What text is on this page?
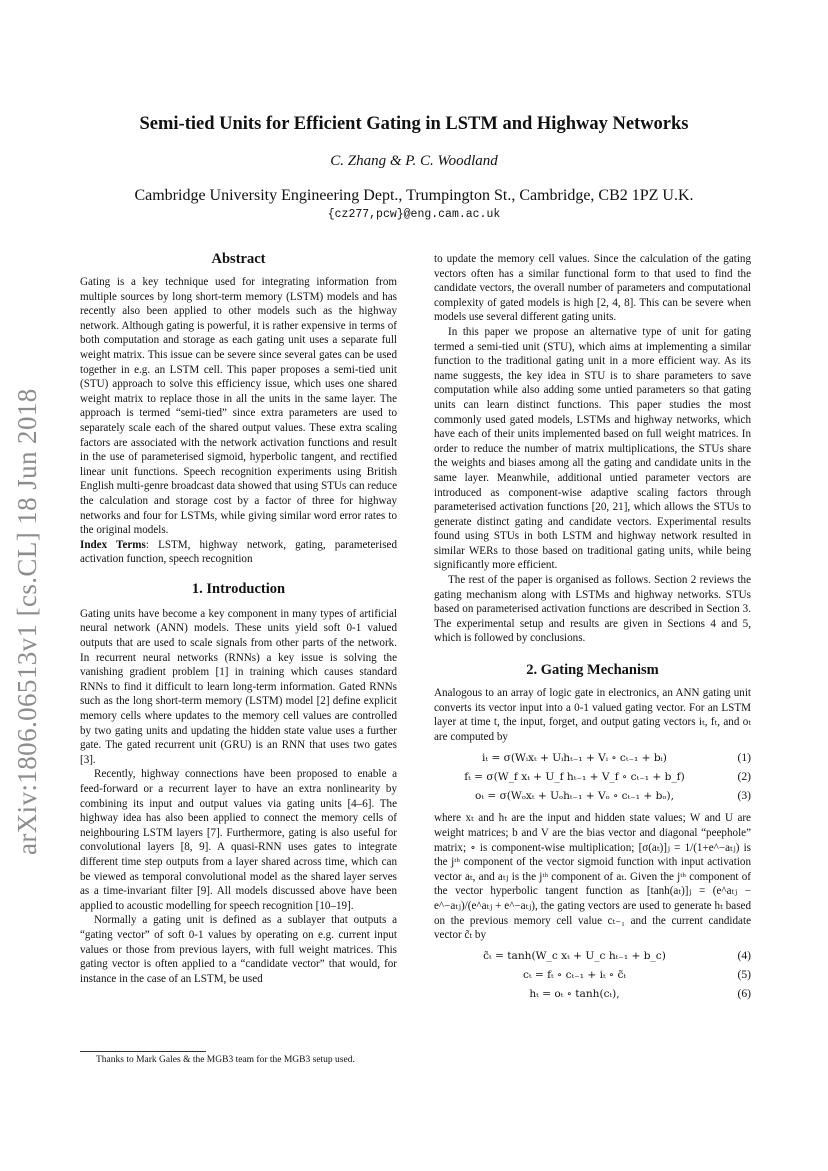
arXiv:1806.06513v1 [cs.CL] 18 Jun 2018
Semi-tied Units for Efficient Gating in LSTM and Highway Networks
C. Zhang & P. C. Woodland
Cambridge University Engineering Dept., Trumpington St., Cambridge, CB2 1PZ U.K.
{cz277,pcw}@eng.cam.ac.uk
Abstract

Gating is a key technique used for integrating information from multiple sources by long short-term memory (LSTM) models and has recently also been applied to other models such as the highway network. Although gating is powerful, it is rather expensive in terms of both computation and storage as each gating unit uses a separate full weight matrix. This issue can be severe since several gates can be used together in e.g. an LSTM cell. This paper proposes a semi-tied unit (STU) approach to solve this efficiency issue, which uses one shared weight matrix to replace those in all the units in the same layer. The approach is termed “semi-tied” since extra parameters are used to separately scale each of the shared output values. These extra scaling factors are associated with the network activation functions and result in the use of parameterised sigmoid, hyperbolic tangent, and rectified linear unit functions. Speech recognition experiments using British English multi-genre broadcast data showed that using STUs can reduce the calculation and storage cost by a factor of three for highway networks and four for LSTMs, while giving similar word error rates to the original models.

Index Terms: LSTM, highway network, gating, parameterised activation function, speech recognition

1. Introduction

Gating units have become a key component in many types of artificial neural network (ANN) models. These units yield soft 0-1 valued outputs that are used to scale signals from other parts of the network. In recurrent neural networks (RNNs) a key issue is solving the vanishing gradient problem [1] in training which causes standard RNNs to find it difficult to learn long-term information. Gated RNNs such as the long short-term memory (LSTM) model [2] define explicit memory cells where updates to the memory cell values are controlled by two gating units and updating the hidden state value uses a further gate. The gated recurrent unit (GRU) is an RNN that uses two gates [3].

Recently, highway connections have been proposed to enable a feed-forward or a recurrent layer to have an extra nonlinearity by combining its input and output values via gating units [4–6]. The highway idea has also been applied to connect the memory cells of neighbouring LSTM layers [7]. Furthermore, gating is also useful for convolutional layers [8, 9]. A quasi-RNN uses gates to integrate different time step outputs from a layer shared across time, which can be viewed as temporal convolutional model as the shared layer serves as a time-invariant filter [9]. All models discussed above have been applied to acoustic modelling for speech recognition [10–19].

Normally a gating unit is defined as a sublayer that outputs a “gating vector” of soft 0-1 values by operating on e.g. current input values or those from previous layers, with full weight matrices. This gating vector is often applied to a “candidate vector” that would, for instance in the case of an LSTM, be used

to update the memory cell values. Since the calculation of the gating vectors often has a similar functional form to that used to find the candidate vectors, the overall number of parameters and computational complexity of gated models is high [2, 4, 8]. This can be severe when models use several different gating units.

In this paper we propose an alternative type of unit for gating termed a semi-tied unit (STU), which aims at implementing a similar function to the traditional gating unit in a more efficient way. As its name suggests, the key idea in STU is to share parameters to save computation while also adding some untied parameters so that gating units can learn distinct functions. This paper studies the most commonly used gated models, LSTMs and highway networks, which have each of their units implemented based on full weight matrices. In order to reduce the number of matrix multiplications, the STUs share the weights and biases among all the gating and candidate units in the same layer. Meanwhile, additional untied parameter vectors are introduced as component-wise adaptive scaling factors through parameterised activation functions [20, 21], which allows the STUs to generate distinct gating and candidate vectors. Experimental results found using STUs in both LSTM and highway network resulted in similar WERs to those based on traditional gating units, while being significantly more efficient.

The rest of the paper is organised as follows. Section 2 reviews the gating mechanism along with LSTMs and highway networks. STUs based on parameterised activation functions are described in Section 3. The experimental setup and results are given in Sections 4 and 5, which is followed by conclusions.

2. Gating Mechanism

Analogous to an array of logic gate in electronics, an ANN gating unit converts its vector input into a 0-1 valued gating vector. For an LSTM layer at time t, the input, forget, and output gating vectors iₜ, fₜ, and oₜ are computed by

iₜ = σ(Wᵢxₜ + Uᵢhₜ₋₁ + Vᵢ ∘ cₜ₋₁ + bᵢ)	(1)
fₜ = σ(W_f xₜ + U_f hₜ₋₁ + V_f ∘ cₜ₋₁ + b_f)	(2)
oₜ = σ(Wₒxₜ + Uₒhₜ₋₁ + Vₒ ∘ cₜ₋₁ + bₒ),	(3)

where xₜ and hₜ are the input and hidden state values; W and U are weight matrices; b and V are the bias vector and diagonal “peephole” matrix; ∘ is component-wise multiplication; [σ(aₜ)]ⱼ = 1/(1+e^−aₜⱼ) is the jᵗʰ component of the vector sigmoid function with input activation vector aₜ, and aₜⱼ is the jᵗʰ component of aₜ. Given the jᵗʰ component of the vector hyperbolic tangent function as [tanh(aₜ)]ⱼ = (e^aₜⱼ − e^−aₜⱼ)/(e^aₜⱼ + e^−aₜⱼ), the gating vectors are used to generate hₜ based on the previous memory cell value cₜ₋₁ and the current candidate vector c̃ₜ by

c̃ₜ = tanh(W_c xₜ + U_c hₜ₋₁ + b_c)	(4)
cₜ = fₜ ∘ cₜ₋₁ + iₜ ∘ c̃ₜ	(5)
hₜ = oₜ ∘ tanh(cₜ),	(6)
Thanks to Mark Gales & the MGB3 team for the MGB3 setup used.
